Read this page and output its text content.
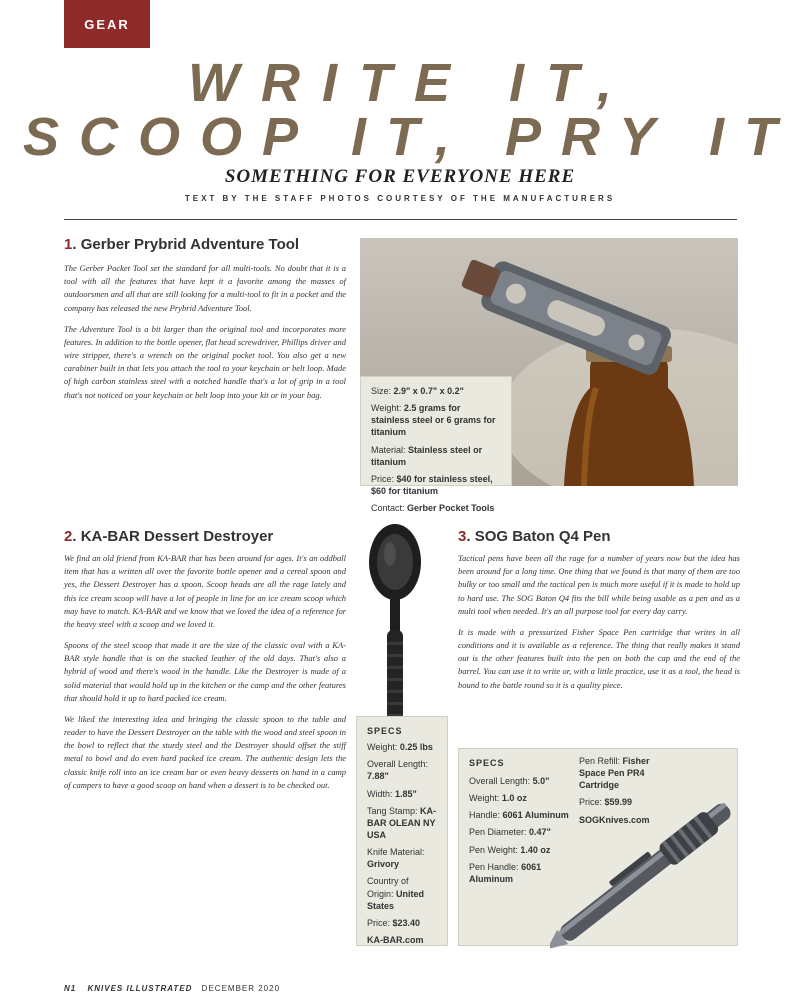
GEAR
WRITE IT,
SCOOP IT, PRY IT
SOMETHING FOR EVERYONE HERE
TEXT BY THE STAFF PHOTOS COURTESY OF THE MANUFACTURERS
1. Gerber Prybrid Adventure Tool

The Gerber Pocket Tool set the standard for all multi-tools. No doubt that it is a tool with all the features that have kept it a favorite among the masses of outdoorsmen and all that are still looking for a multi-tool to fit in a pocket and the company has released the new Prybrid Adventure Tool.

The Adventure Tool is a bit larger than the original tool and incorporates more features. In addition to the bottle opener, flat head screwdriver, Phillips driver and wire stripper, there's a wrench on the original pocket tool. You also get a new carabiner built in that lets you attach the tool to your keychain or belt loop. Made of high carbon stainless steel with a notched handle that's a lot of grip in a tool that's not noticed on your keychain or belt loop into your kit or in your bag.	Size: 2.9" x 0.7" x 0.2"
Weight: 2.5 grams for stainless steel or 6 grams for titanium
Material: Stainless steel or titanium
Price: $40 for stainless steel, $60 for titanium
Contact: Gerber Pocket Tools
2. KA-BAR Dessert Destroyer

We find an old friend from KA-BAR that has been around for ages. It's an oddball item that has a written all over the favorite bottle opener and a cereal spoon and yes, the Dessert Destroyer has a spoon. Scoop heads are all the rage lately and this ice cream scoop will have a lot of people in line for an ice cream scoop which may have to match. KA-BAR and we know that we loved the idea of a reference for the heavy steel with a scoop and we loved it.

Spoons of the steel scoop that made it are the size of the classic oval with a KA-BAR style handle that is on the stacked leather of the old days. That's also a hybrid of wood and there's wood in the handle. Like the Destroyer is made of a solid material that would hold up in the kitchen or the camp and the other features that should hold it up to hard packed ice cream.

We liked the interesting idea and bringing the classic spoon to the table and reader to have the Dessert Destroyer on the table with the wood and steel spoon in the bowl to reflect that the sturdy steel and the Destroyer should offset the stiff metal to bowl and do even hard packed ice cream. The authentic design lets the classic knife roll into an ice cream bar or even heavy desserts on hand in a camp of campers to have a good scoop on hand when a dessert is to be checked out.

SPECS
Weight: 0.25 lbs
Overall Length: 7.88"
Width: 1.85"
Tang Stamp: KA-BAR OLEAN NY USA
Knife Material: Grivory
Country of Origin: United States
Price: $23.40
KA-BAR.com
3. SOG Baton Q4 Pen

Tactical pens have been all the rage for a number of years now but the idea has been around for a long time. One thing that we found is that many of them are too bulky or too small and the tactical pen is much more useful if it is made to hold up to hard use. The SOG Baton Q4 fits the bill while being usable as a pen and as a multi tool when needed. It's an all purpose tool for every day carry.

It is made with a pressurized Fisher Space Pen cartridge that writes in all conditions and it is available as a reference. The thing that really makes it stand out is the other features built into the pen on both the cap and the end of the barrel. You can use it to write or, with a little practice, use it as a tool, the head is bound to the battle round so it is a quality piece.

SPECS
Overall Length: 5.0"
Weight: 1.0 oz
Handle: 6061 Aluminum
Pen Diameter: 0.47"
Pen Weight: 1.40 oz
Pen Handle: 6061 Aluminum
Pen Refill: Fisher Space Pen PR4 Cartridge
Price: $59.99
SOGKnives.com
N1 KNIVES ILLUSTRATED DECEMBER 2020
